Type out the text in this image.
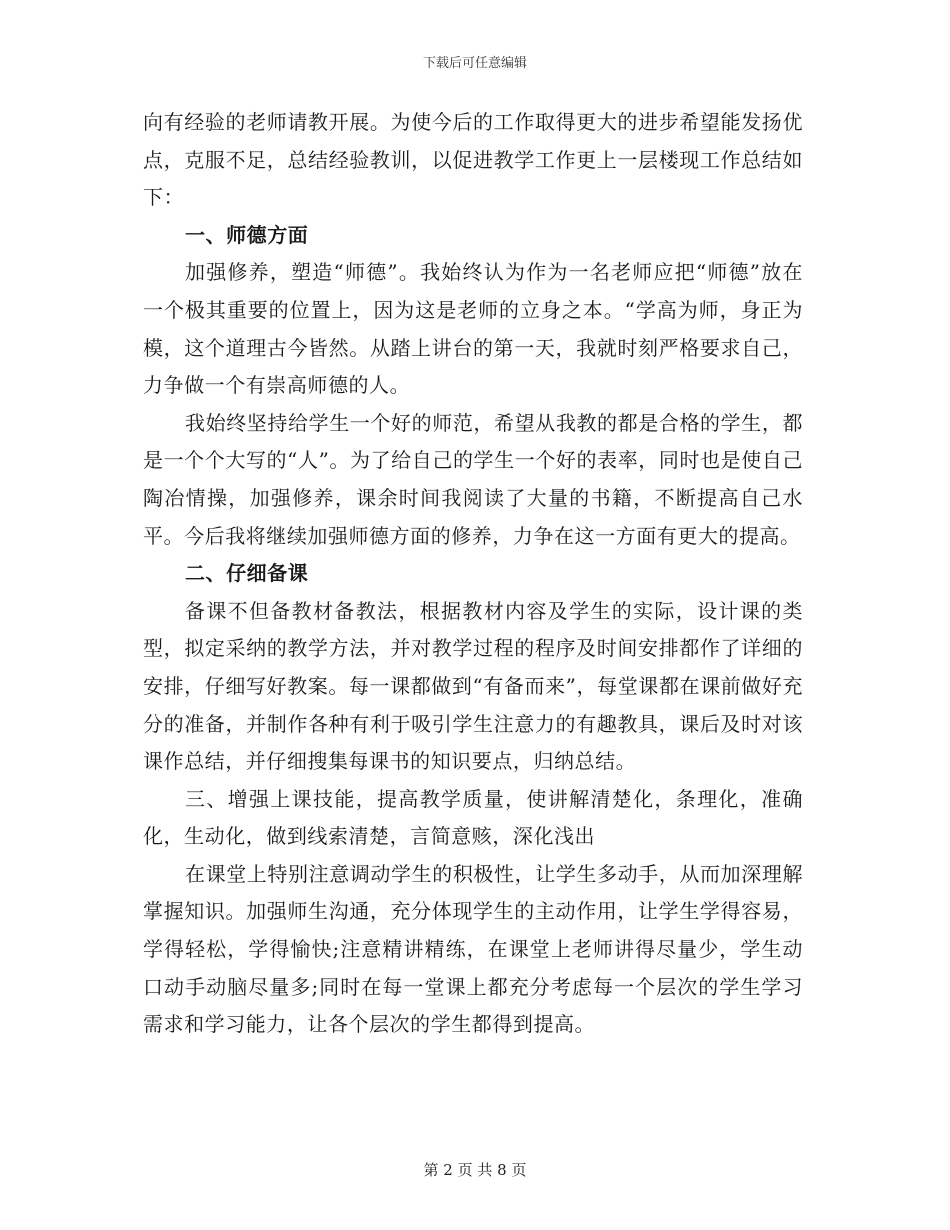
下载后可任意编辑

向有经验的老师请教开展。为使今后的工作取得更大的进步希望能发扬优点，克服不足，总结经验教训，以促进教学工作更上一层楼现工作总结如下：

一、师德方面

加强修养，塑造“师德”。我始终认为作为一名老师应把“师德”放在一个极其重要的位置上，因为这是老师的立身之本。“学高为师，身正为模，这个道理古今皆然。从踏上讲台的第一天，我就时刻严格要求自己，力争做一个有崇高师德的人。

我始终坚持给学生一个好的师范，希望从我教的都是合格的学生，都是一个个大写的“人”。为了给自己的学生一个好的表率，同时也是使自己陶冶情操，加强修养，课余时间我阅读了大量的书籍，不断提高自己水平。今后我将继续加强师德方面的修养，力争在这一方面有更大的提高。

二、仔细备课

备课不但备教材备教法，根据教材内容及学生的实际，设计课的类型，拟定采纳的教学方法，并对教学过程的程序及时间安排都作了详细的安排，仔细写好教案。每一课都做到“有备而来”，每堂课都在课前做好充分的准备，并制作各种有利于吸引学生注意力的有趣教具，课后及时对该课作总结，并仔细搜集每课书的知识要点，归纳总结。

三、增强上课技能，提高教学质量，使讲解清楚化，条理化，准确化，生动化，做到线索清楚，言简意赅，深化浅出

在课堂上特别注意调动学生的积极性，让学生多动手，从而加深理解掌握知识。加强师生沟通，充分体现学生的主动作用，让学生学得容易，学得轻松，学得愉快;注意精讲精练，在课堂上老师讲得尽量少，学生动口动手动脑尽量多;同时在每一堂课上都充分考虑每一个层次的学生学习需求和学习能力，让各个层次的学生都得到提高。

第 2 页 共 8 页
